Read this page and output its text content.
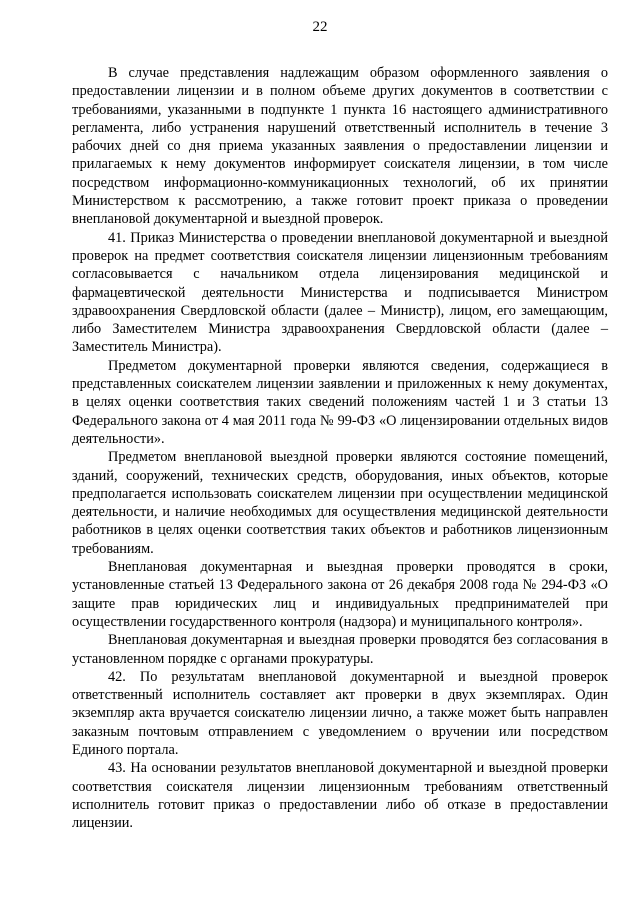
22

В случае представления надлежащим образом оформленного заявления о предоставлении лицензии и в полном объеме других документов в соответствии с требованиями, указанными в подпункте 1 пункта 16 настоящего административного регламента, либо устранения нарушений ответственный исполнитель в течение 3 рабочих дней со дня приема указанных заявления о предоставлении лицензии и прилагаемых к нему документов информирует соискателя лицензии, в том числе посредством информационно-коммуникационных технологий, об их принятии Министерством к рассмотрению, а также готовит проект приказа о проведении внеплановой документарной и выездной проверок.

41. Приказ Министерства о проведении внеплановой документарной и выездной проверок на предмет соответствия соискателя лицензии лицензионным требованиям согласовывается с начальником отдела лицензирования медицинской и фармацевтической деятельности Министерства и подписывается Министром здравоохранения Свердловской области (далее – Министр), лицом, его замещающим, либо Заместителем Министра здравоохранения Свердловской области (далее – Заместитель Министра).

Предметом документарной проверки являются сведения, содержащиеся в представленных соискателем лицензии заявлении и приложенных к нему документах, в целях оценки соответствия таких сведений положениям частей 1 и 3 статьи 13 Федерального закона от 4 мая 2011 года № 99-ФЗ «О лицензировании отдельных видов деятельности».

Предметом внеплановой выездной проверки являются состояние помещений, зданий, сооружений, технических средств, оборудования, иных объектов, которые предполагается использовать соискателем лицензии при осуществлении медицинской деятельности, и наличие необходимых для осуществления медицинской деятельности работников в целях оценки соответствия таких объектов и работников лицензионным требованиям.

Внеплановая документарная и выездная проверки проводятся в сроки, установленные статьей 13 Федерального закона от 26 декабря 2008 года № 294-ФЗ «О защите прав юридических лиц и индивидуальных предпринимателей при осуществлении государственного контроля (надзора) и муниципального контроля».

Внеплановая документарная и выездная проверки проводятся без согласования в установленном порядке с органами прокуратуры.

42. По результатам внеплановой документарной и выездной проверок ответственный исполнитель составляет акт проверки в двух экземплярах. Один экземпляр акта вручается соискателю лицензии лично, а также может быть направлен заказным почтовым отправлением с уведомлением о вручении или посредством Единого портала.

43. На основании результатов внеплановой документарной и выездной проверки соответствия соискателя лицензии лицензионным требованиям ответственный исполнитель готовит приказ о предоставлении либо об отказе в предоставлении лицензии.
